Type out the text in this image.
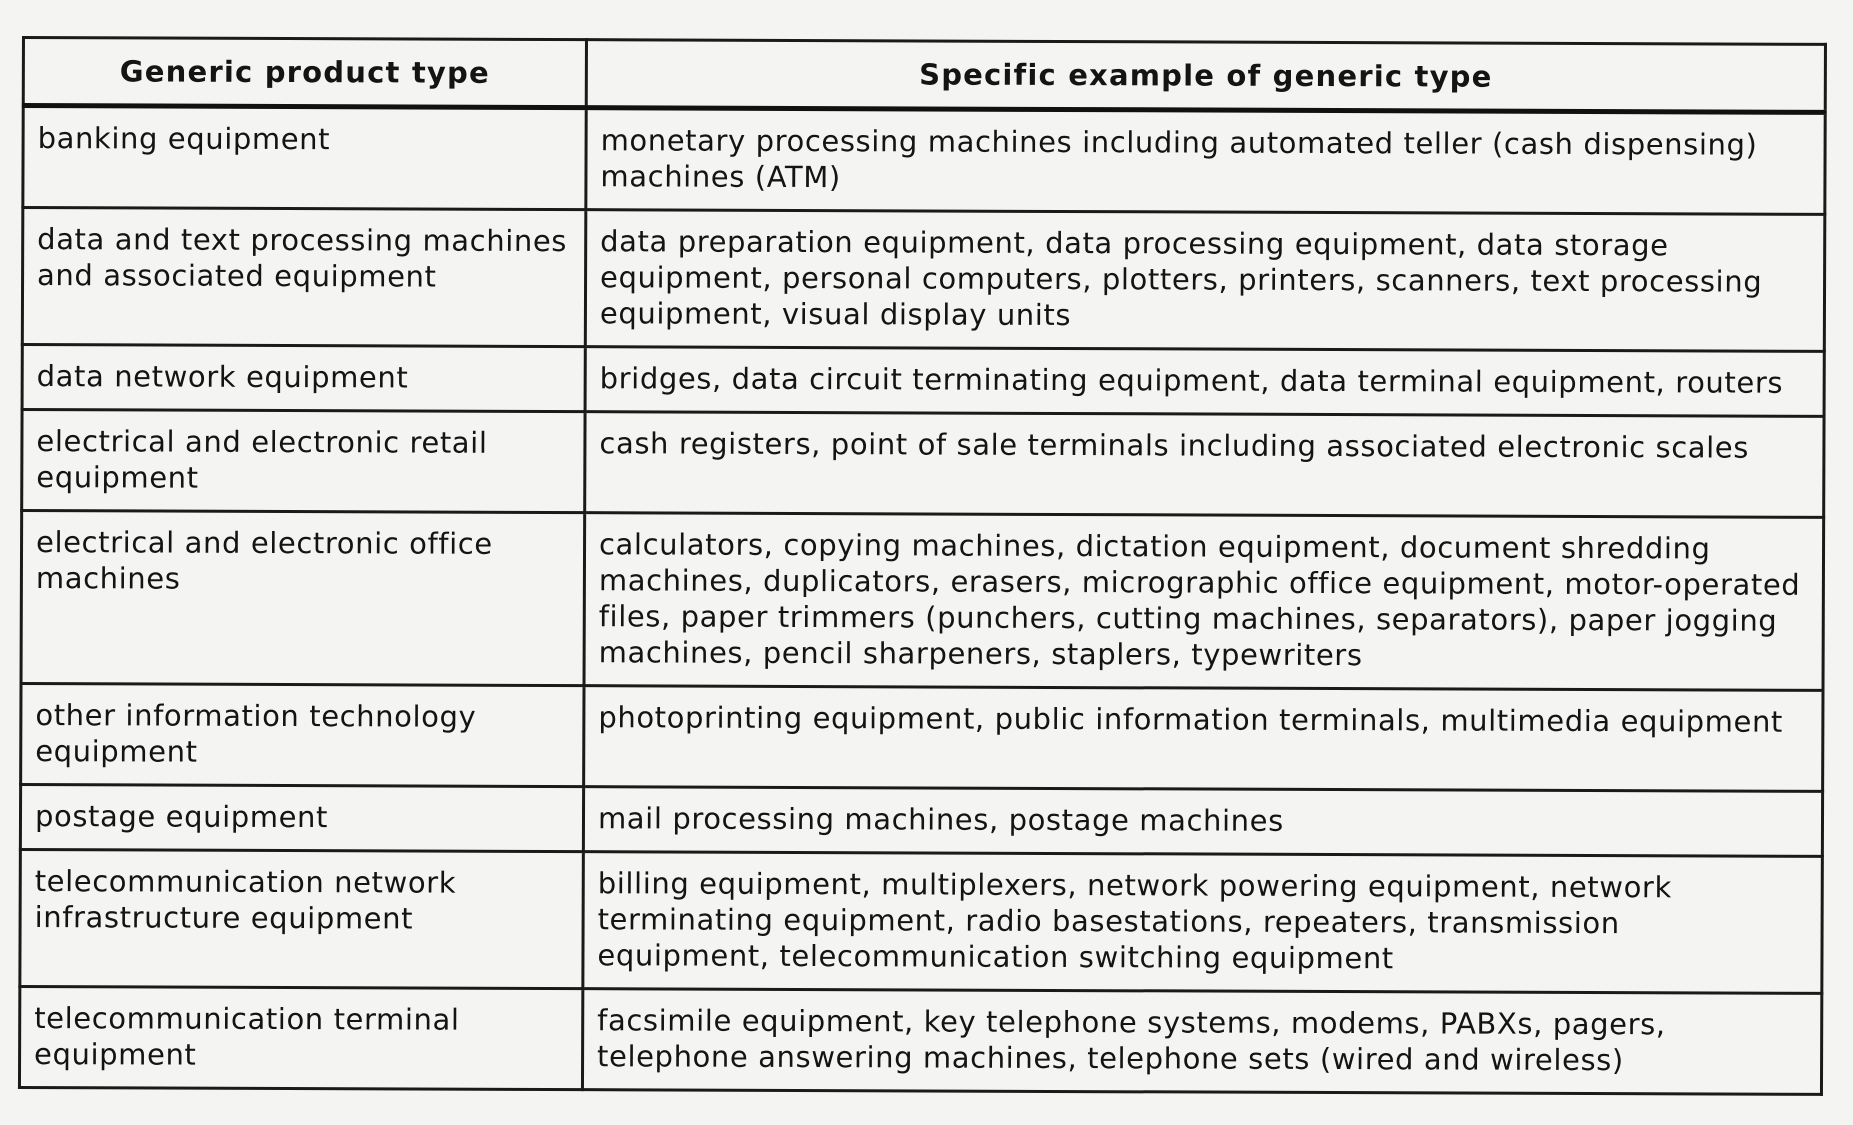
Generic product type	Specific example of generic type
banking equipment	monetary processing machines including automated teller (cash dispensing)
machines (ATM)
data and text processing machines
and associated equipment	data preparation equipment, data processing equipment, data storage
equipment, personal computers, plotters, printers, scanners, text processing
equipment, visual display units
data network equipment	bridges, data circuit terminating equipment, data terminal equipment, routers
electrical and electronic retail
equipment	cash registers, point of sale terminals including associated electronic scales
electrical and electronic office
machines	calculators, copying machines, dictation equipment, document shredding
machines, duplicators, erasers, micrographic office equipment, motor-operated
files, paper trimmers (punchers, cutting machines, separators), paper jogging
machines, pencil sharpeners, staplers, typewriters
other information technology
equipment	photoprinting equipment, public information terminals, multimedia equipment
postage equipment	mail processing machines, postage machines
telecommunication network
infrastructure equipment	billing equipment, multiplexers, network powering equipment, network
terminating equipment, radio basestations, repeaters, transmission
equipment, telecommunication switching equipment
telecommunication terminal
equipment	facsimile equipment, key telephone systems, modems, PABXs, pagers,
telephone answering machines, telephone sets (wired and wireless)
